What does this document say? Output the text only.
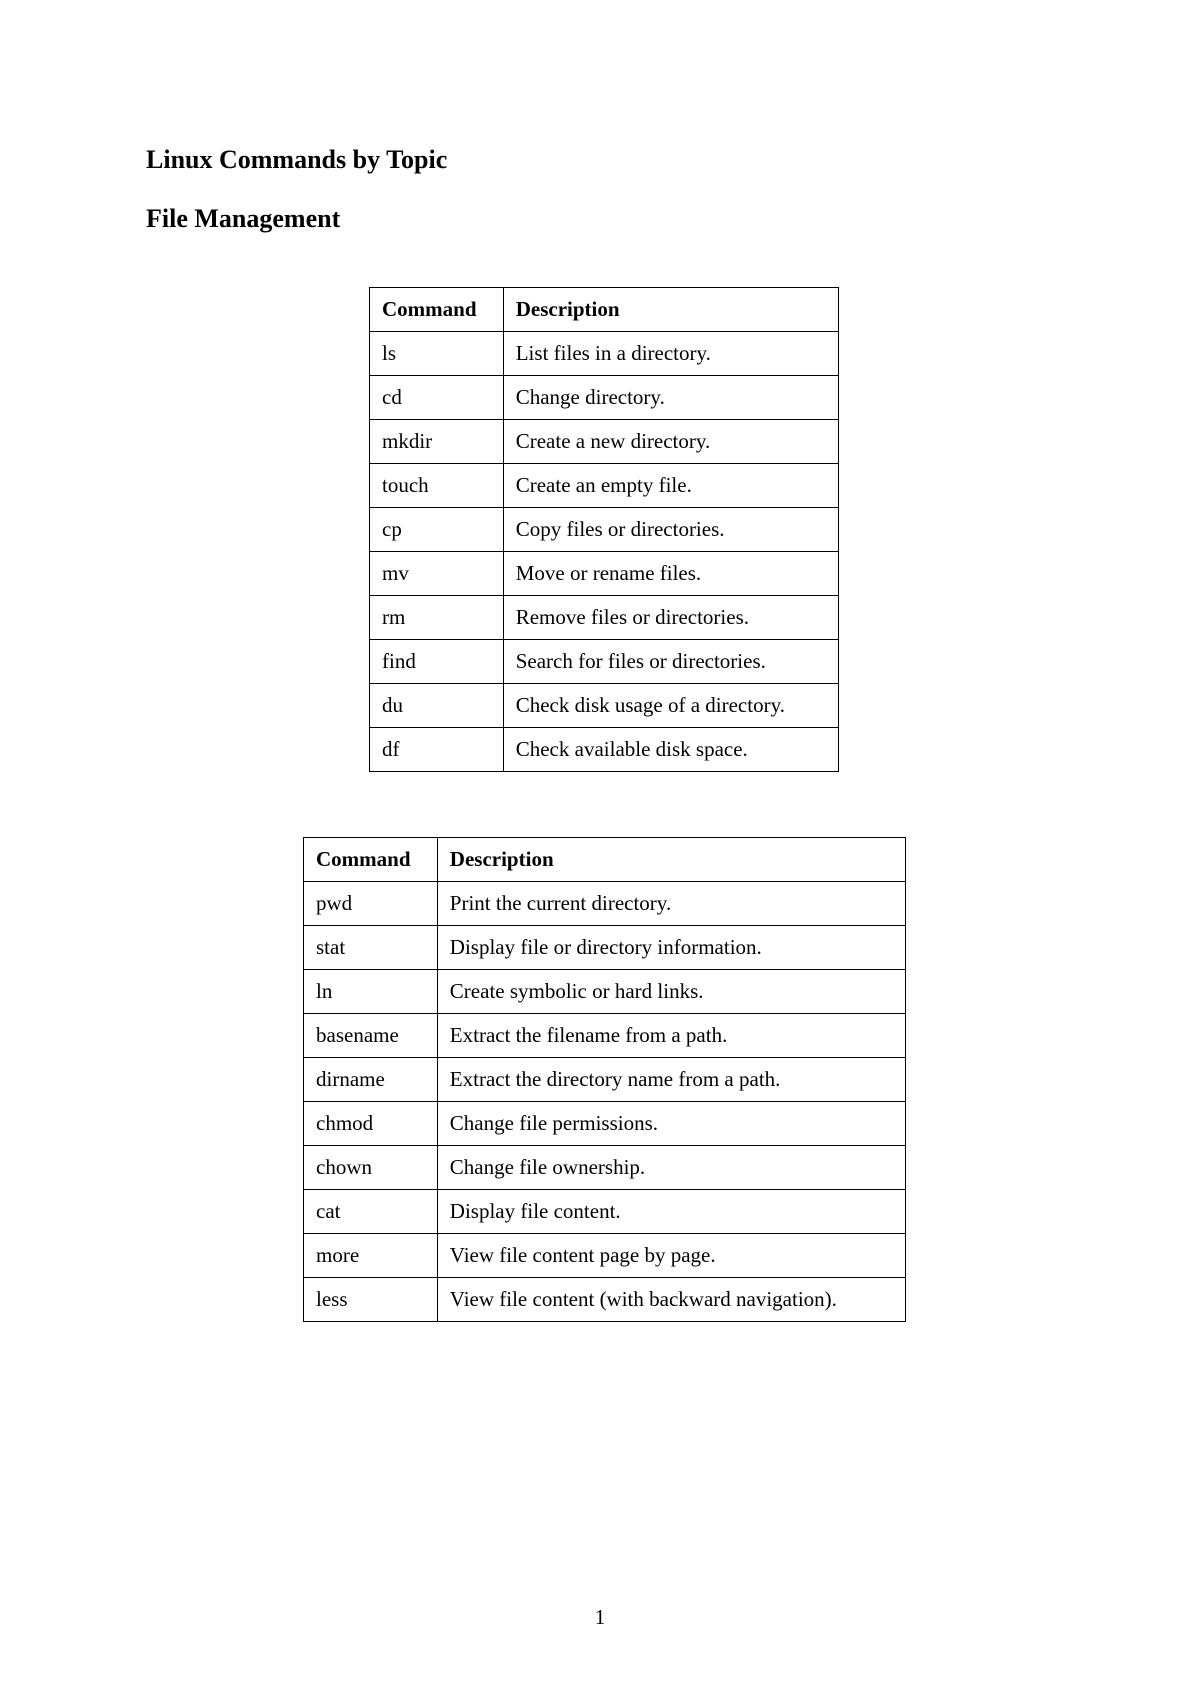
Linux Commands by Topic
File Management
Command	Description
ls	List files in a directory.
cd	Change directory.
mkdir	Create a new directory.
touch	Create an empty file.
cp	Copy files or directories.
mv	Move or rename files.
rm	Remove files or directories.
find	Search for files or directories.
du	Check disk usage of a directory.
df	Check available disk space.
Command	Description
pwd	Print the current directory.
stat	Display file or directory information.
ln	Create symbolic or hard links.
basename	Extract the filename from a path.
dirname	Extract the directory name from a path.
chmod	Change file permissions.
chown	Change file ownership.
cat	Display file content.
more	View file content page by page.
less	View file content (with backward navigation).
1
